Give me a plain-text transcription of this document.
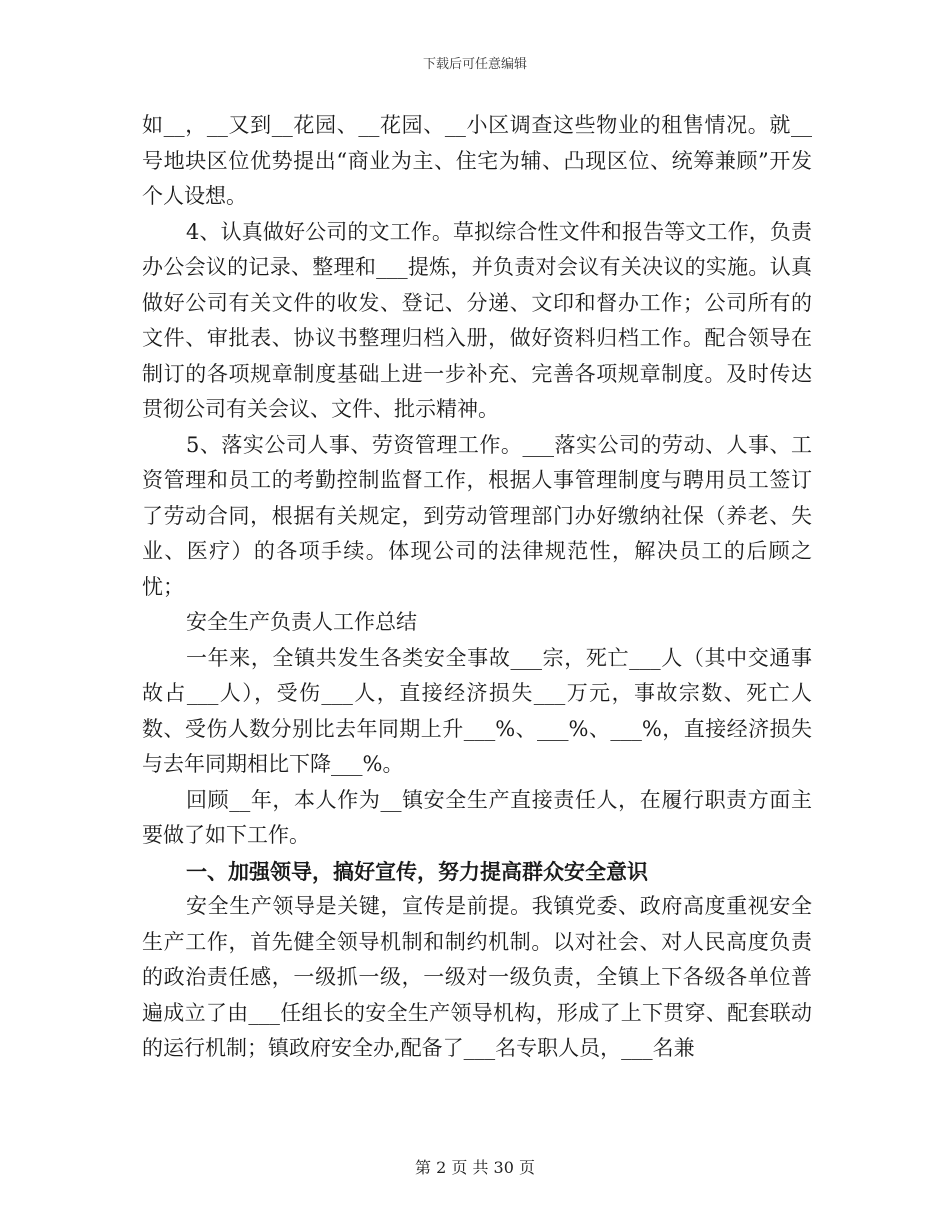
下载后可任意编辑

如__，__又到__花园、__花园、__小区调查这些物业的租售情况。就__号地块区位优势提出“商业为主、住宅为辅、凸现区位、统筹兼顾”开发个人设想。

4、认真做好公司的文工作。草拟综合性文件和报告等文工作，负责办公会议的记录、整理和___提炼，并负责对会议有关决议的实施。认真做好公司有关文件的收发、登记、分递、文印和督办工作；公司所有的文件、审批表、协议书整理归档入册，做好资料归档工作。配合领导在制订的各项规章制度基础上进一步补充、完善各项规章制度。及时传达贯彻公司有关会议、文件、批示精神。

5、落实公司人事、劳资管理工作。___落实公司的劳动、人事、工资管理和员工的考勤控制监督工作，根据人事管理制度与聘用员工签订了劳动合同，根据有关规定，到劳动管理部门办好缴纳社保（养老、失业、医疗）的各项手续。体现公司的法律规范性，解决员工的后顾之忧；

安全生产负责人工作总结

一年来，全镇共发生各类安全事故___宗，死亡___人（其中交通事故占___人），受伤___人，直接经济损失___万元，事故宗数、死亡人数、受伤人数分别比去年同期上升___%、___%、___%，直接经济损失与去年同期相比下降___%。

回顾__年，本人作为__镇安全生产直接责任人，在履行职责方面主要做了如下工作。

一、加强领导，搞好宣传，努力提高群众安全意识

安全生产领导是关键，宣传是前提。我镇党委、政府高度重视安全生产工作，首先健全领导机制和制约机制。以对社会、对人民高度负责的政治责任感，一级抓一级，一级对一级负责，全镇上下各级各单位普遍成立了由___任组长的安全生产领导机构，形成了上下贯穿、配套联动的运行机制；镇政府安全办,配备了___名专职人员，___名兼

第 2 页 共 30 页
